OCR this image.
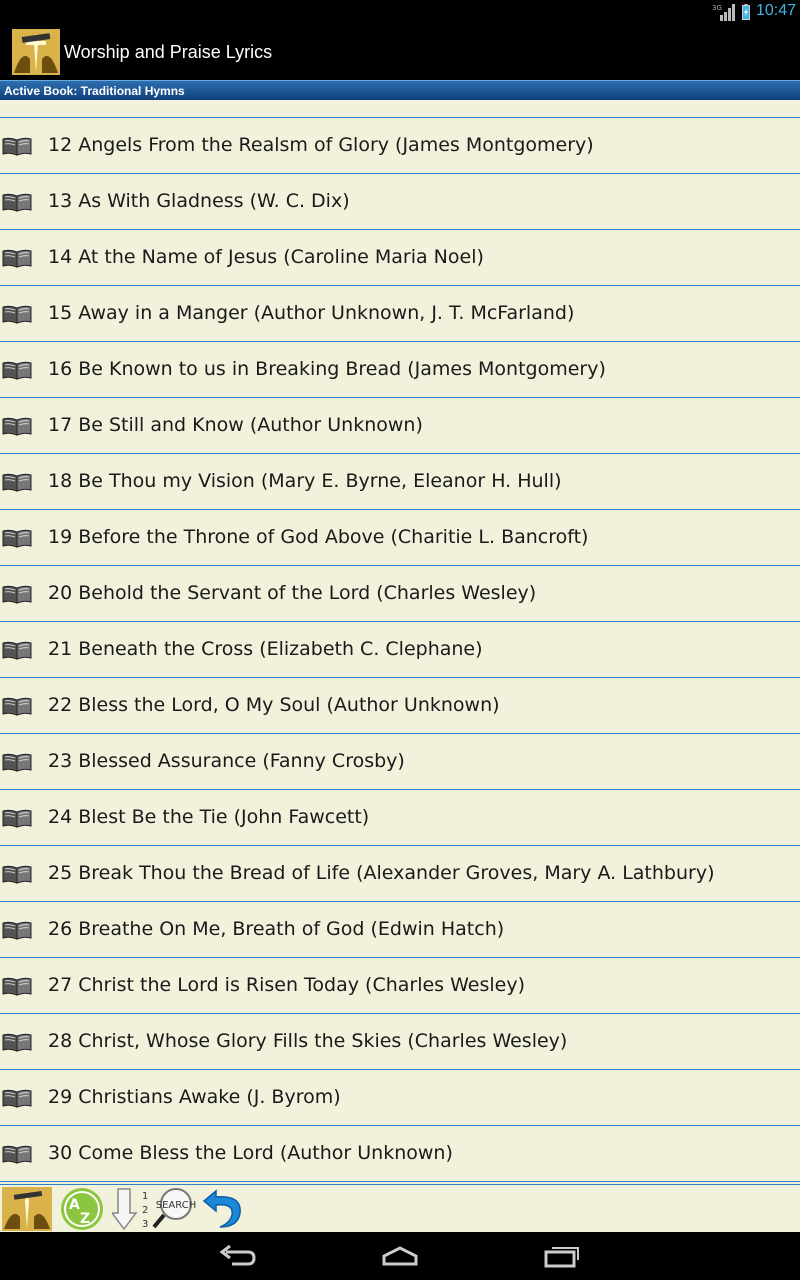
3G 10:47
Worship and Praise Lyrics
Active Book: Traditional Hymns
12 Angels From the Realsm of Glory (James Montgomery)
13 As With Gladness (W. C. Dix)
14 At the Name of Jesus (Caroline Maria Noel)
15 Away in a Manger (Author Unknown, J. T. McFarland)
16 Be Known to us in Breaking Bread (James Montgomery)
17 Be Still and Know (Author Unknown)
18 Be Thou my Vision (Mary E. Byrne, Eleanor H. Hull)
19 Before the Throne of God Above (Charitie L. Bancroft)
20 Behold the Servant of the Lord (Charles Wesley)
21 Beneath the Cross (Elizabeth C. Clephane)
22 Bless the Lord, O My Soul (Author Unknown)
23 Blessed Assurance (Fanny Crosby)
24 Blest Be the Tie (John Fawcett)
25 Break Thou the Bread of Life (Alexander Groves, Mary A. Lathbury)
26 Breathe On Me, Breath of God (Edwin Hatch)
27 Christ the Lord is Risen Today (Charles Wesley)
28 Christ, Whose Glory Fills the Skies (Charles Wesley)
29 Christians Awake (J. Byrom)
30 Come Bless the Lord (Author Unknown)
A
Z
1
2
3
SEARCH
